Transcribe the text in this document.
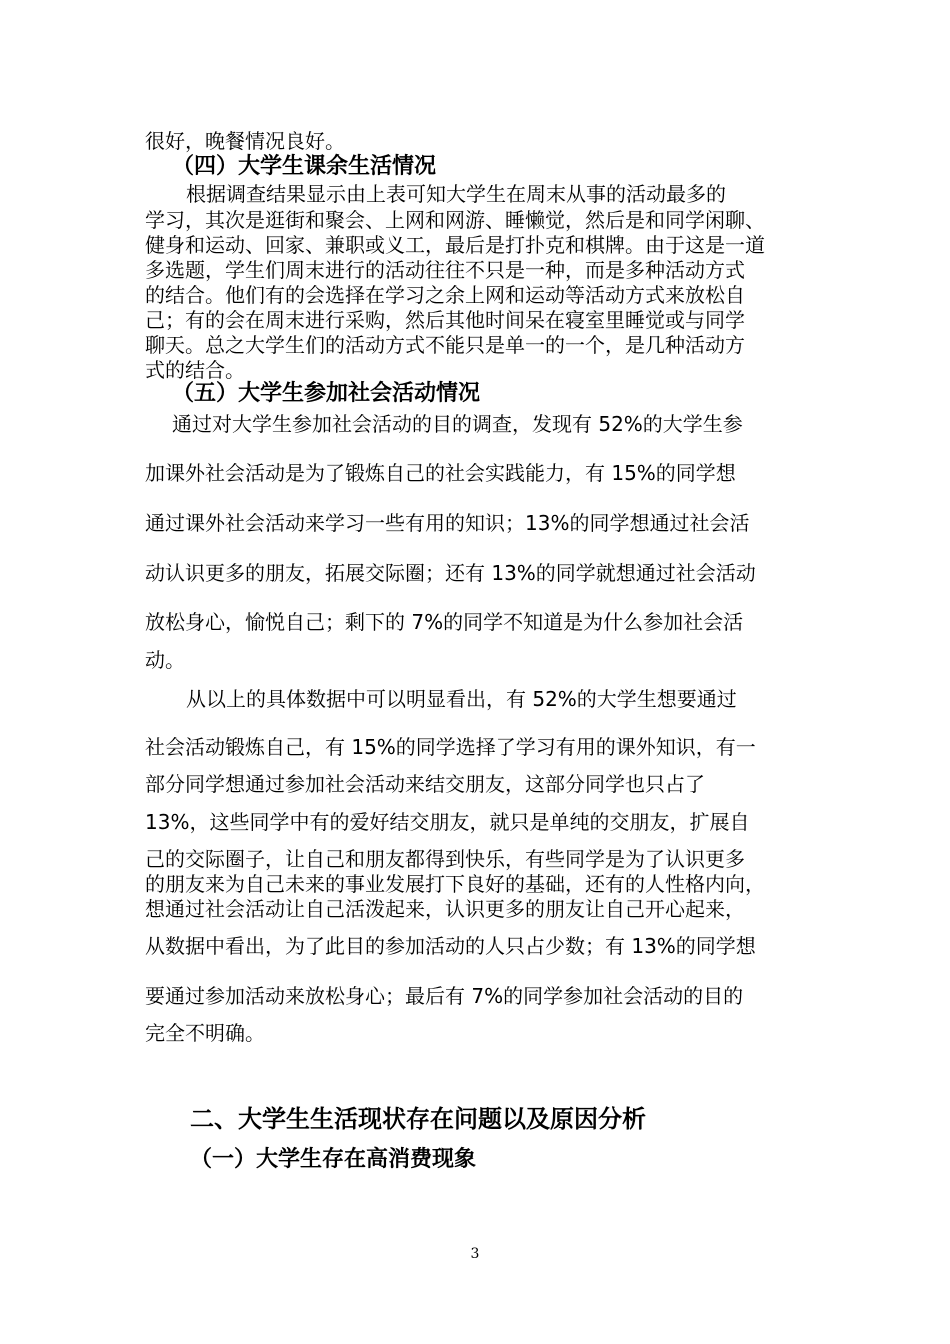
很好，晚餐情况良好。
（四）大学生课余生活情况
根据调查结果显示由上表可知大学生在周末从事的活动最多的
学习，其次是逛街和聚会、上网和网游、睡懒觉，然后是和同学闲聊、
健身和运动、回家、兼职或义工，最后是打扑克和棋牌。由于这是一道
多选题，学生们周末进行的活动往往不只是一种，而是多种活动方式
的结合。他们有的会选择在学习之余上网和运动等活动方式来放松自
己；有的会在周末进行采购，然后其他时间呆在寝室里睡觉或与同学
聊天。总之大学生们的活动方式不能只是单一的一个，是几种活动方
式的结合。
（五）大学生参加社会活动情况
通过对大学生参加社会活动的目的调查，发现有 52%的大学生参
加课外社会活动是为了锻炼自己的社会实践能力，有 15%的同学想
通过课外社会活动来学习一些有用的知识；13%的同学想通过社会活
动认识更多的朋友，拓展交际圈；还有 13%的同学就想通过社会活动
放松身心，愉悦自己；剩下的 7%的同学不知道是为什么参加社会活
动。
从以上的具体数据中可以明显看出，有 52%的大学生想要通过
社会活动锻炼自己，有 15%的同学选择了学习有用的课外知识，有一
部分同学想通过参加社会活动来结交朋友，这部分同学也只占了
13%，这些同学中有的爱好结交朋友，就只是单纯的交朋友，扩展自
己的交际圈子，让自己和朋友都得到快乐，有些同学是为了认识更多
的朋友来为自己未来的事业发展打下良好的基础，还有的人性格内向，
想通过社会活动让自己活泼起来，认识更多的朋友让自己开心起来，
从数据中看出，为了此目的参加活动的人只占少数；有 13%的同学想
要通过参加活动来放松身心；最后有 7%的同学参加社会活动的目的
完全不明确。
二、大学生生活现状存在问题以及原因分析
（一）大学生存在高消费现象
3
